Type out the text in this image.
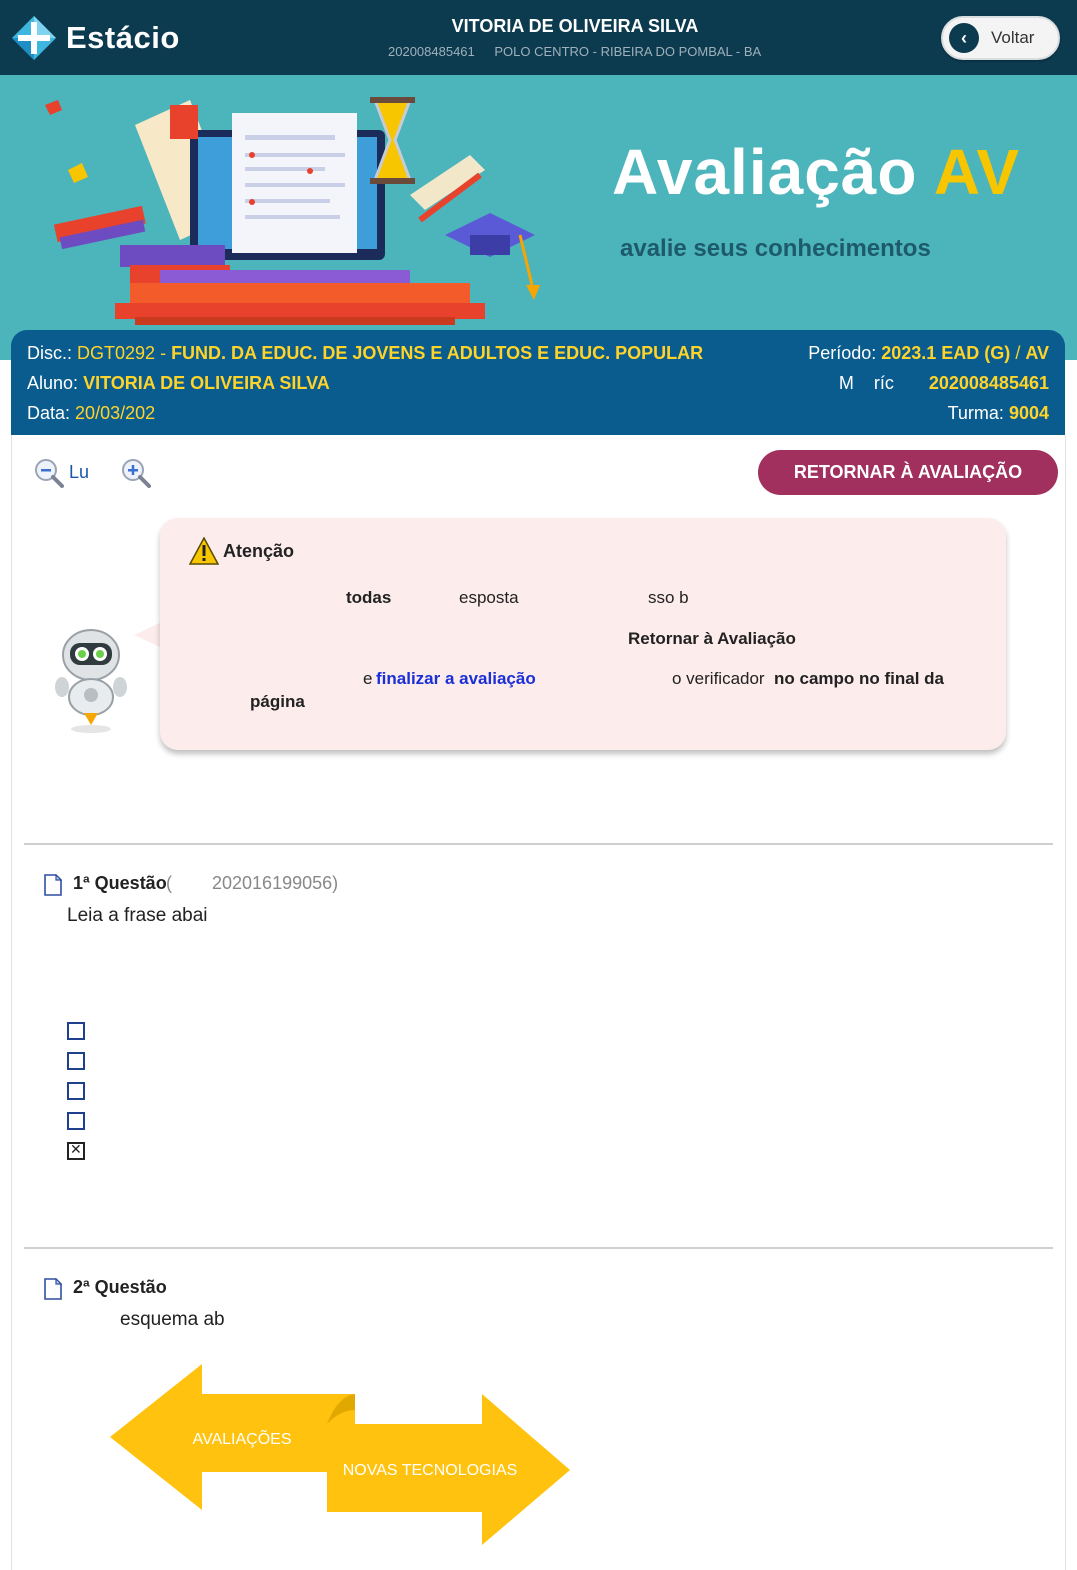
Estácio	VITORIA DE OLIVEIRA SILVA
202008485461 POLO CENTRO - RIBEIRA DO POMBAL - BA
‹	Voltar
Avaliação AV
avalie seus conhecimentos
Disc.: DGT0292 - FUND. DA EDUC. DE JOVENS E ADULTOS E EDUC. POPULAR
Aluno: VITORIA DE OLIVEIRA SILVA
Data: 20/03/202
Período: 2023.1 EAD (G) / AV
M    ríc 202008485461
Turma: 9004
Lu	RETORNAR À AVALIAÇÃO
Atenção
todas	esposta	sso b
Retornar à Avaliação
e finalizar a avaliação	o verificador no campo no final da
página
1ª Questão (        202016199056)
Leia a frase abai
✕
2ª Questão
esquema ab
AVALIAÇÕES
NOVAS TECNOLOGIAS
